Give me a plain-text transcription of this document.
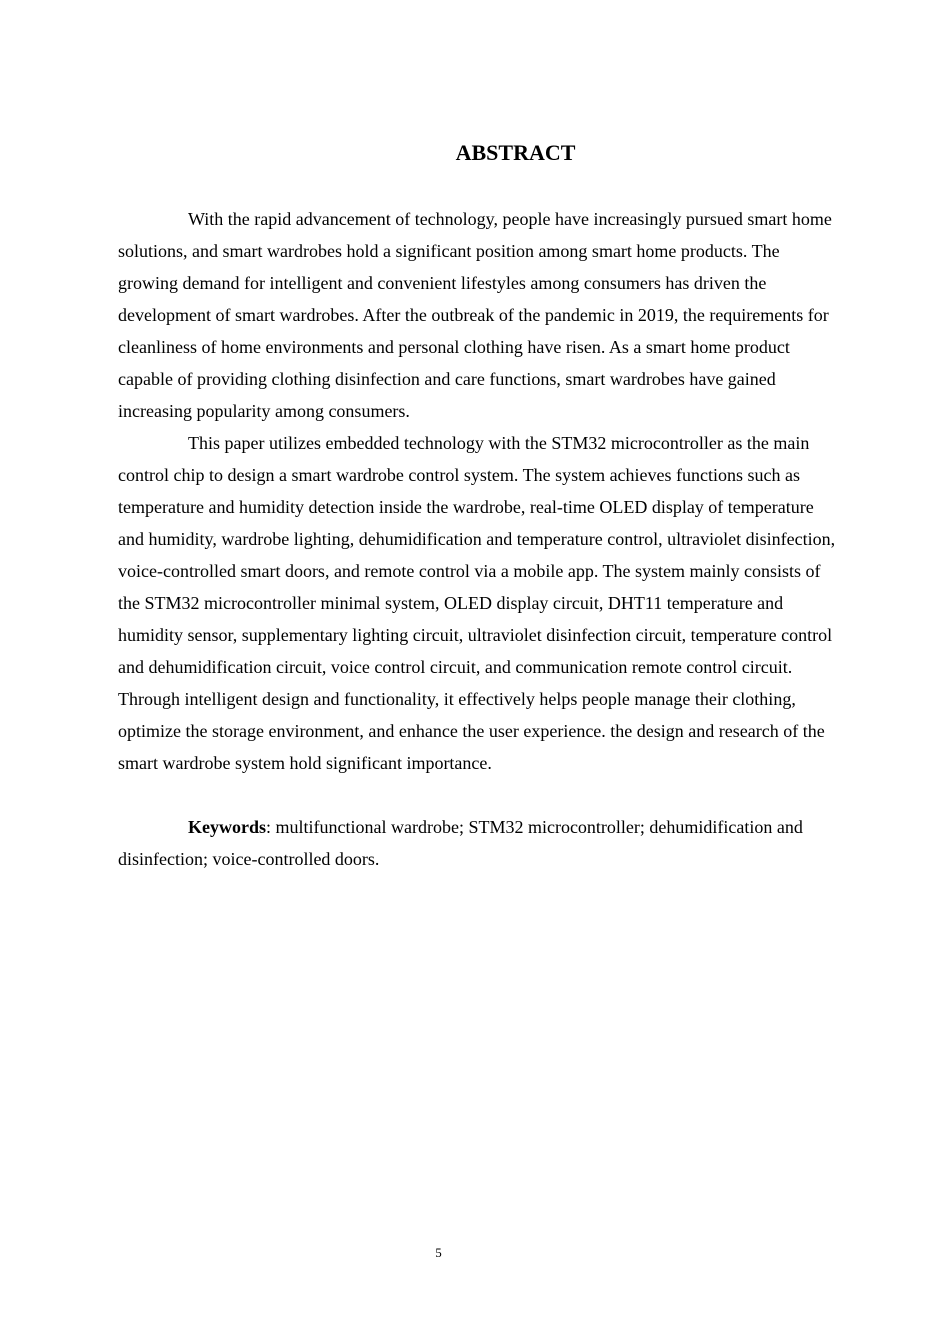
ABSTRACT

With the rapid advancement of technology, people have increasingly pursued smart home solutions, and smart wardrobes hold a significant position among smart home products. The growing demand for intelligent and convenient lifestyles among consumers has driven the development of smart wardrobes. After the outbreak of the pandemic in 2019, the requirements for cleanliness of home environments and personal clothing have risen. As a smart home product capable of providing clothing disinfection and care functions, smart wardrobes have gained increasing popularity among consumers.

This paper utilizes embedded technology with the STM32 microcontroller as the main control chip to design a smart wardrobe control system. The system achieves functions such as temperature and humidity detection inside the wardrobe, real-time OLED display of temperature and humidity, wardrobe lighting, dehumidification and temperature control, ultraviolet disinfection, voice-controlled smart doors, and remote control via a mobile app. The system mainly consists of the STM32 microcontroller minimal system, OLED display circuit, DHT11 temperature and humidity sensor, supplementary lighting circuit, ultraviolet disinfection circuit, temperature control and dehumidification circuit, voice control circuit, and communication remote control circuit. Through intelligent design and functionality, it effectively helps people manage their clothing, optimize the storage environment, and enhance the user experience. the design and research of the smart wardrobe system hold significant importance.

Keywords: multifunctional wardrobe; STM32 microcontroller; dehumidification and disinfection; voice-controlled doors.

5
